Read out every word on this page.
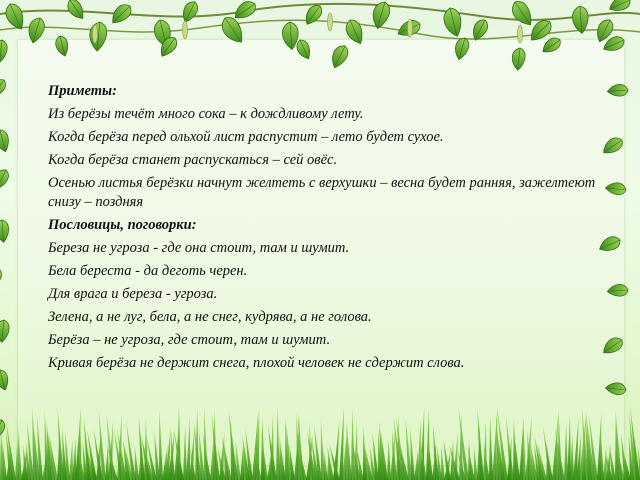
Приметы:

Из берёзы течёт много сока – к дождливому лету.

Когда берёза перед ольхой лист распустит – лето будет сухое.

Когда берёза станет распускаться – сей овёс.

Осенью листья берёзки начнут желтеть с верхушки – весна будет ранняя, зажелтеют снизу – поздняя

Пословицы, поговорки:

Береза не угроза - где она стоит, там и шумит.

Бела береста - да деготь черен.

Для врага и береза - угроза.

Зелена, а не луг, бела, а не снег, кудрява, а не голова.

Берёза – не угроза, где стоит, там и шумит.

Кривая берёза не держит снега, плохой человек не сдержит слова.
